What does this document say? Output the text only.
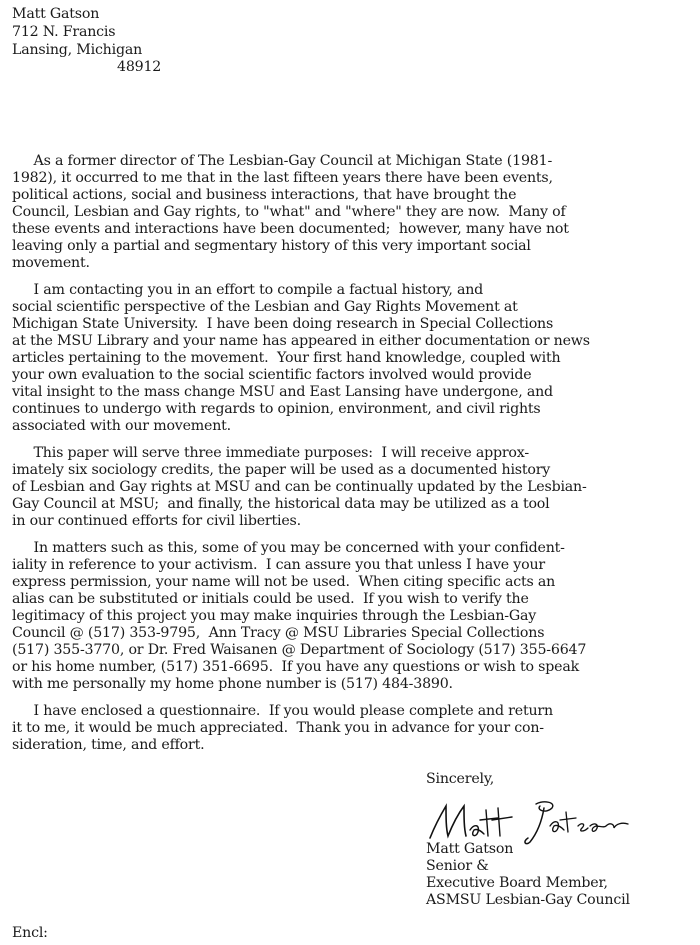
Matt Gatson
712 N. Francis
Lansing, Michigan
48912
As a former director of The Lesbian-Gay Council at Michigan State (1981-
1982), it occurred to me that in the last fifteen years there have been events,
political actions, social and business interactions, that have brought the
Council, Lesbian and Gay rights, to "what" and "where" they are now.  Many of
these events and interactions have been documented;  however, many have not
leaving only a partial and segmentary history of this very important social
movement.
I am contacting you in an effort to compile a factual history, and
social scientific perspective of the Lesbian and Gay Rights Movement at
Michigan State University.  I have been doing research in Special Collections
at the MSU Library and your name has appeared in either documentation or news
articles pertaining to the movement.  Your first hand knowledge, coupled with
your own evaluation to the social scientific factors involved would provide
vital insight to the mass change MSU and East Lansing have undergone, and
continues to undergo with regards to opinion, environment, and civil rights
associated with our movement.
This paper will serve three immediate purposes:  I will receive approx-
imately six sociology credits, the paper will be used as a documented history
of Lesbian and Gay rights at MSU and can be continually updated by the Lesbian-
Gay Council at MSU;  and finally, the historical data may be utilized as a tool
in our continued efforts for civil liberties.
In matters such as this, some of you may be concerned with your confident-
iality in reference to your activism.  I can assure you that unless I have your
express permission, your name will not be used.  When citing specific acts an
alias can be substituted or initials could be used.  If you wish to verify the
legitimacy of this project you may make inquiries through the Lesbian-Gay
Council @ (517) 353-9795,  Ann Tracy @ MSU Libraries Special Collections
(517) 355-3770, or Dr. Fred Waisanen @ Department of Sociology (517) 355-6647
or his home number, (517) 351-6695.  If you have any questions or wish to speak
with me personally my home phone number is (517) 484-3890.
I have enclosed a questionnaire.  If you would please complete and return
it to me, it would be much appreciated.  Thank you in advance for your con-
sideration, time, and effort.
Sincerely,
Matt Gatson
Senior &
Executive Board Member,
ASMSU Lesbian-Gay Council
Encl:
